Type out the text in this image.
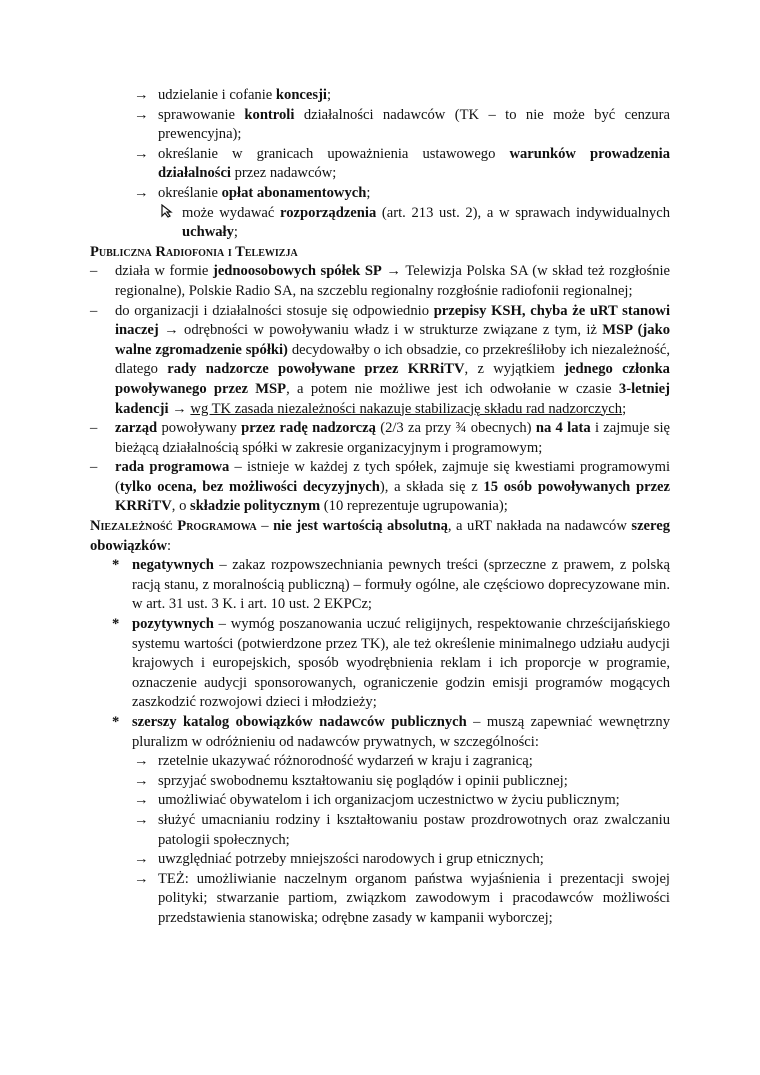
→ udzielanie i cofanie koncesji;
→ sprawowanie kontroli działalności nadawców (TK – to nie może być cenzura prewencyjna);
→ określanie w granicach upoważnienia ustawowego warunków prowadzenia działalności przez nadawców;
→ określanie opłat abonamentowych;
może wydawać rozporządzenia (art. 213 ust. 2), a w sprawach indywidualnych uchwały;
Publiczna Radiofonia i Telewizja
– działa w formie jednoosobowych spółek SP → Telewizja Polska SA (w skład też rozgłośnie regionalne), Polskie Radio SA, na szczeblu regionalny rozgłośnie radiofonii regionalnej;
– do organizacji i działalności stosuje się odpowiednio przepisy KSH, chyba że uRT stanowi inaczej → odrębności w powoływaniu władz i w strukturze związane z tym, iż MSP (jako walne zgromadzenie spółki) decydowałby o ich obsadzie, co przekreśliłoby ich niezależność, dlatego rady nadzorcze powoływane przez KRRiTV, z wyjątkiem jednego członka powoływanego przez MSP, a potem nie możliwe jest ich odwołanie w czasie 3-letniej kadencji → wg TK zasada niezależności nakazuje stabilizację składu rad nadzorczych;
– zarząd powoływany przez radę nadzorczą (2/3 za przy ¾ obecnych) na 4 lata i zajmuje się bieżącą działalnością spółki w zakresie organizacyjnym i programowym;
– rada programowa – istnieje w każdej z tych spółek, zajmuje się kwestiami programowymi (tylko ocena, bez możliwości decyzyjnych), a składa się z 15 osób powoływanych przez KRRiTV, o składzie politycznym (10 reprezentuje ugrupowania);
Niezależność Programowa – nie jest wartością absolutną, a uRT nakłada na nadawców szereg obowiązków:
* negatywnych – zakaz rozpowszechniania pewnych treści (sprzeczne z prawem, z polską racją stanu, z moralnością publiczną) – formuły ogólne, ale częściowo doprecyzowane min. w art. 31 ust. 3 K. i art. 10 ust. 2 EKPCz;
* pozytywnych – wymóg poszanowania uczuć religijnych, respektowanie chrześcijańskiego systemu wartości (potwierdzone przez TK), ale też określenie minimalnego udziału audycji krajowych i europejskich, sposób wyodrębnienia reklam i ich proporcje w programie, oznaczenie audycji sponsorowanych, ograniczenie godzin emisji programów mogących zaszkodzić rozwojowi dzieci i młodzieży;
* szerszy katalog obowiązków nadawców publicznych – muszą zapewniać wewnętrzny pluralizm w odróżnieniu od nadawców prywatnych, w szczególności:
→ rzetelnie ukazywać różnorodność wydarzeń w kraju i zagranicą;
→ sprzyjać swobodnemu kształtowaniu się poglądów i opinii publicznej;
→ umożliwiać obywatelom i ich organizacjom uczestnictwo w życiu publicznym;
→ służyć umacnianiu rodziny i kształtowaniu postaw prozdrowotnych oraz zwalczaniu patologii społecznych;
→ uwzględniać potrzeby mniejszości narodowych i grup etnicznych;
→ TEŻ: umożliwianie naczelnym organom państwa wyjaśnienia i prezentacji swojej polityki; stwarzanie partiom, związkom zawodowym i pracodawców możliwości przedstawienia stanowiska; odrębne zasady w kampanii wyborczej;
